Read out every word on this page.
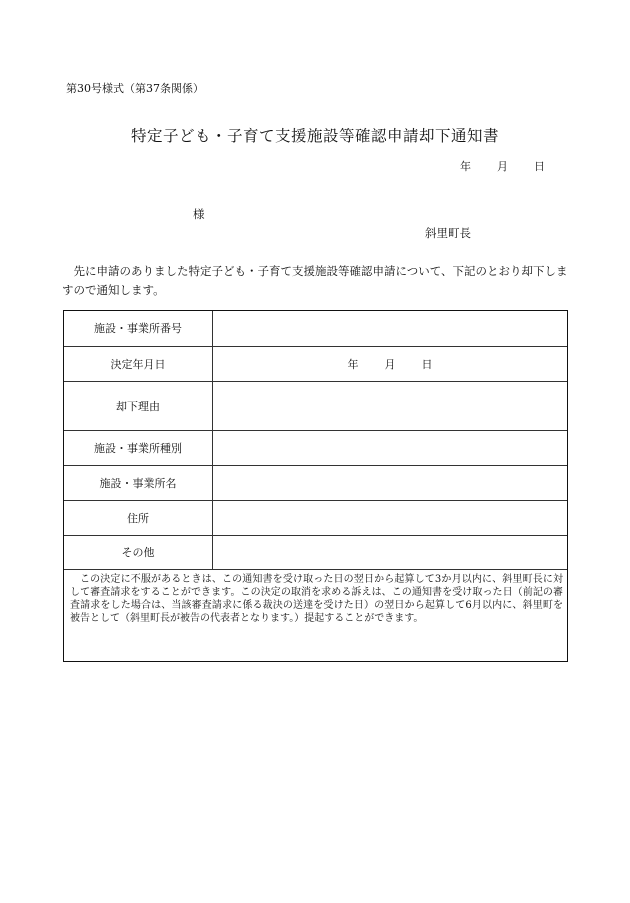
第30号様式（第37条関係）
特定子ども・子育て支援施設等確認申請却下通知書
年 月 日
様
斜里町長
先に申請のありました特定子ども・子育て支援施設等確認申請について、下記のとおり却下しますので通知します。
施設・事業所番号	
決定年月日	年 月 日
却下理由	
施設・事業所種別	
施設・事業所名	
住所	
その他	
この決定に不服があるときは、この通知書を受け取った日の翌日から起算して3か月以内に、斜里町長に対して審査請求をすることができます。この決定の取消を求める訴えは、この通知書を受け取った日（前記の審査請求をした場合は、当該審査請求に係る裁決の送達を受けた日）の翌日から起算して6月以内に、斜里町を被告として（斜里町長が被告の代表者となります。）提起することができます。
